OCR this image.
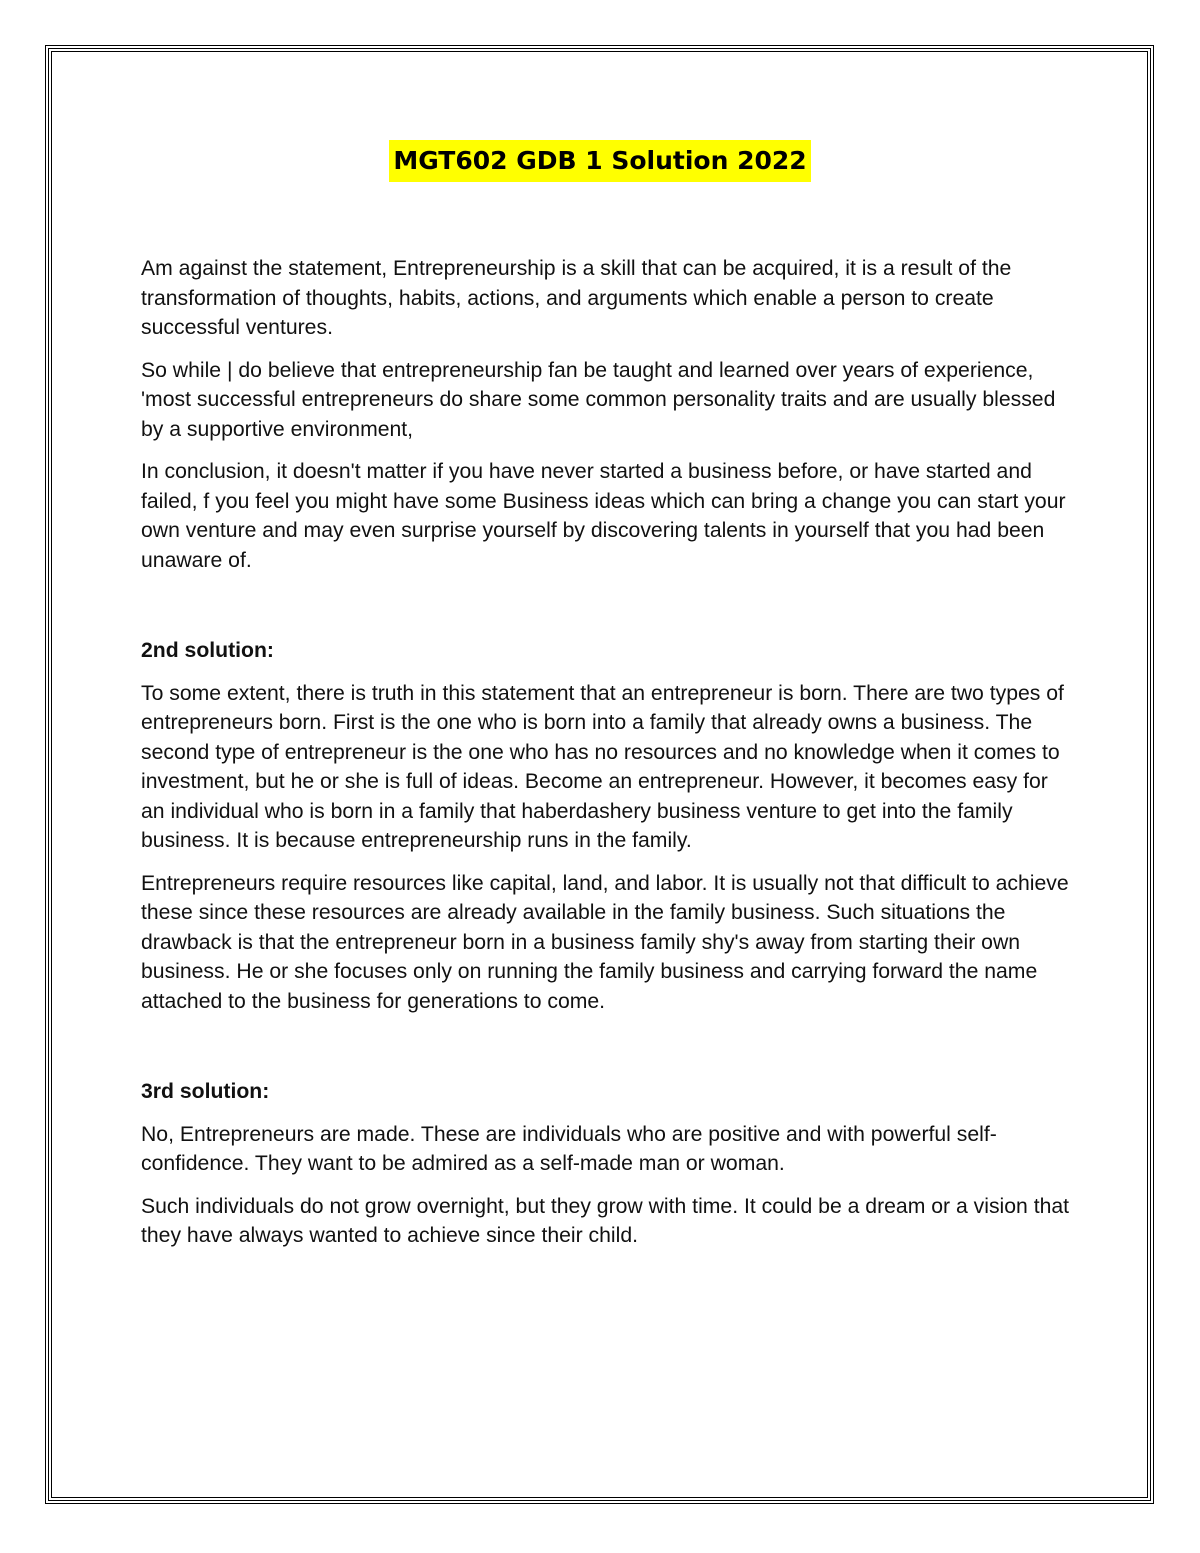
MGT602 GDB 1 Solution 2022

Am against the statement, Entrepreneurship is a skill that can be acquired, it is a result of the transformation of thoughts, habits, actions, and arguments which enable a person to create successful ventures.

So while | do believe that entrepreneurship fan be taught and learned over years of experience, 'most successful entrepreneurs do share some common personality traits and are usually blessed by a supportive environment,

In conclusion, it doesn't matter if you have never started a business before, or have started and failed, f you feel you might have some Business ideas which can bring a change you can start your own venture and may even surprise yourself by discovering talents in yourself that you had been unaware of.

2nd solution:

To some extent, there is truth in this statement that an entrepreneur is born. There are two types of entrepreneurs born. First is the one who is born into a family that already owns a business. The second type of entrepreneur is the one who has no resources and no knowledge when it comes to investment, but he or she is full of ideas. Become an entrepreneur. However, it becomes easy for an individual who is born in a family that haberdashery business venture to get into the family business. It is because entrepreneurship runs in the family.

Entrepreneurs require resources like capital, land, and labor. It is usually not that difficult to achieve these since these resources are already available in the family business. Such situations the drawback is that the entrepreneur born in a business family shy's away from starting their own business. He or she focuses only on running the family business and carrying forward the name attached to the business for generations to come.

3rd solution:

No, Entrepreneurs are made. These are individuals who are positive and with powerful self-confidence. They want to be admired as a self-made man or woman.

Such individuals do not grow overnight, but they grow with time. It could be a dream or a vision that they have always wanted to achieve since their child.
